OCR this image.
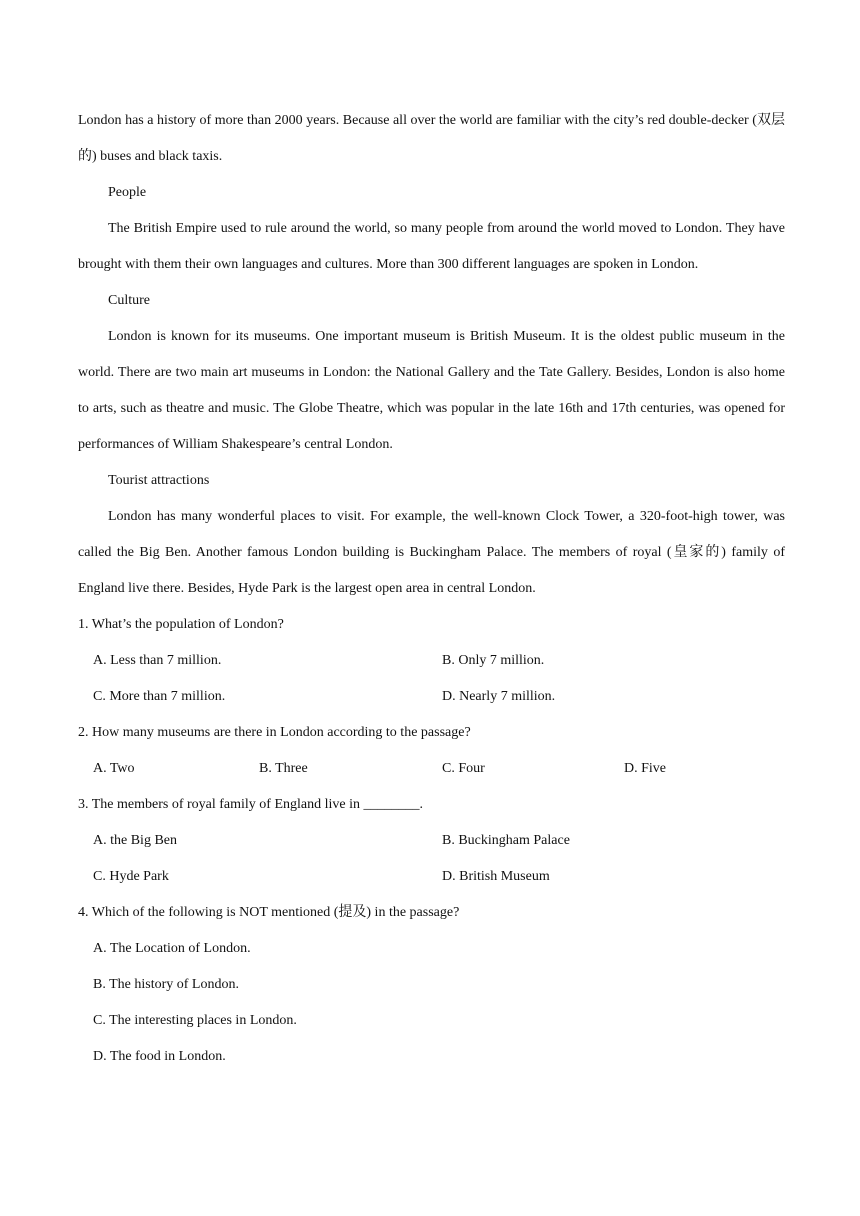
London has a history of more than 2000 years. Because all over the world are familiar with the city’s red double-decker (双层的) buses and black taxis.

People

The British Empire used to rule around the world, so many people from around the world moved to London. They have brought with them their own languages and cultures. More than 300 different languages are spoken in London.

Culture

London is known for its museums. One important museum is British Museum. It is the oldest public museum in the world. There are two main art museums in London: the National Gallery and the Tate Gallery. Besides, London is also home to arts, such as theatre and music. The Globe Theatre, which was popular in the late 16th and 17th centuries, was opened for performances of William Shakespeare’s central London.

Tourist attractions

London has many wonderful places to visit. For example, the well-known Clock Tower, a 320-foot-high tower, was called the Big Ben. Another famous London building is Buckingham Palace. The members of royal (皇家的) family of England live there. Besides, Hyde Park is the largest open area in central London.

1. What’s the population of London?
A. Less than 7 million.	B. Only 7 million.
C. More than 7 million.	D. Nearly 7 million.
2. How many museums are there in London according to the passage?
A. Two	B. Three	C. Four	D. Five
3. The members of royal family of England live in ________.
A. the Big Ben	B. Buckingham Palace
C. Hyde Park	D. British Museum
4. Which of the following is NOT mentioned (提及) in the passage?
A. The Location of London.
B. The history of London.
C. The interesting places in London.
D. The food in London.
